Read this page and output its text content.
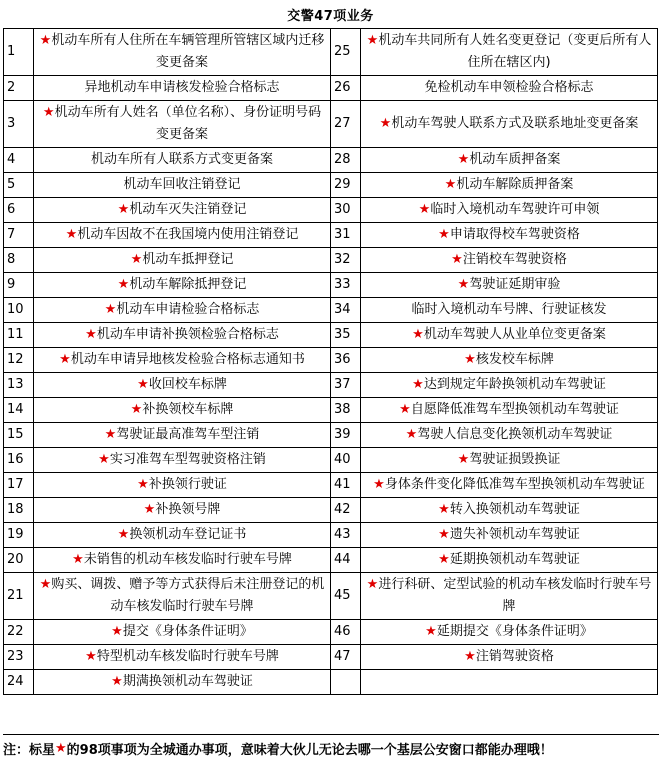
交警47项业务
1	★机动车所有人住所在车辆管理所管辖区域内迁移变更备案	25	★机动车共同所有人姓名变更登记（变更后所有人住所在辖区内)
2	异地机动车申请核发检验合格标志	26	免检机动车申领检验合格标志
3	★机动车所有人姓名（单位名称）、身份证明号码变更备案	27	★机动车驾驶人联系方式及联系地址变更备案
4	机动车所有人联系方式变更备案	28	★机动车质押备案
5	机动车回收注销登记	29	★机动车解除质押备案
6	★机动车灭失注销登记	30	★临时入境机动车驾驶许可申领
7	★机动车因故不在我国境内使用注销登记	31	★申请取得校车驾驶资格
8	★机动车抵押登记	32	★注销校车驾驶资格
9	★机动车解除抵押登记	33	★驾驶证延期审验
10	★机动车申请检验合格标志	34	临时入境机动车号牌、行驶证核发
11	★机动车申请补换领检验合格标志	35	★机动车驾驶人从业单位变更备案
12	★机动车申请异地核发检验合格标志通知书	36	★核发校车标牌
13	★收回校车标牌	37	★达到规定年龄换领机动车驾驶证
14	★补换领校车标牌	38	★自愿降低准驾车型换领机动车驾驶证
15	★驾驶证最高准驾车型注销	39	★驾驶人信息变化换领机动车驾驶证
16	★实习准驾车型驾驶资格注销	40	★驾驶证损毁换证
17	★补换领行驶证	41	★身体条件变化降低准驾车型换领机动车驾驶证
18	★补换领号牌	42	★转入换领机动车驾驶证
19	★换领机动车登记证书	43	★遗失补领机动车驾驶证
20	★未销售的机动车核发临时行驶车号牌	44	★延期换领机动车驾驶证
21	★购买、调拨、赠予等方式获得后未注册登记的机动车核发临时行驶车号牌	45	★进行科研、定型试验的机动车核发临时行驶车号牌
22	★提交《身体条件证明》	46	★延期提交《身体条件证明》
23	★特型机动车核发临时行驶车号牌	47	★注销驾驶资格
24	★期满换领机动车驾驶证		
注：标星 ★ 的98项事项为全城通办事项，意味着大伙儿无论去哪一个基层公安窗口都能办理哦！
